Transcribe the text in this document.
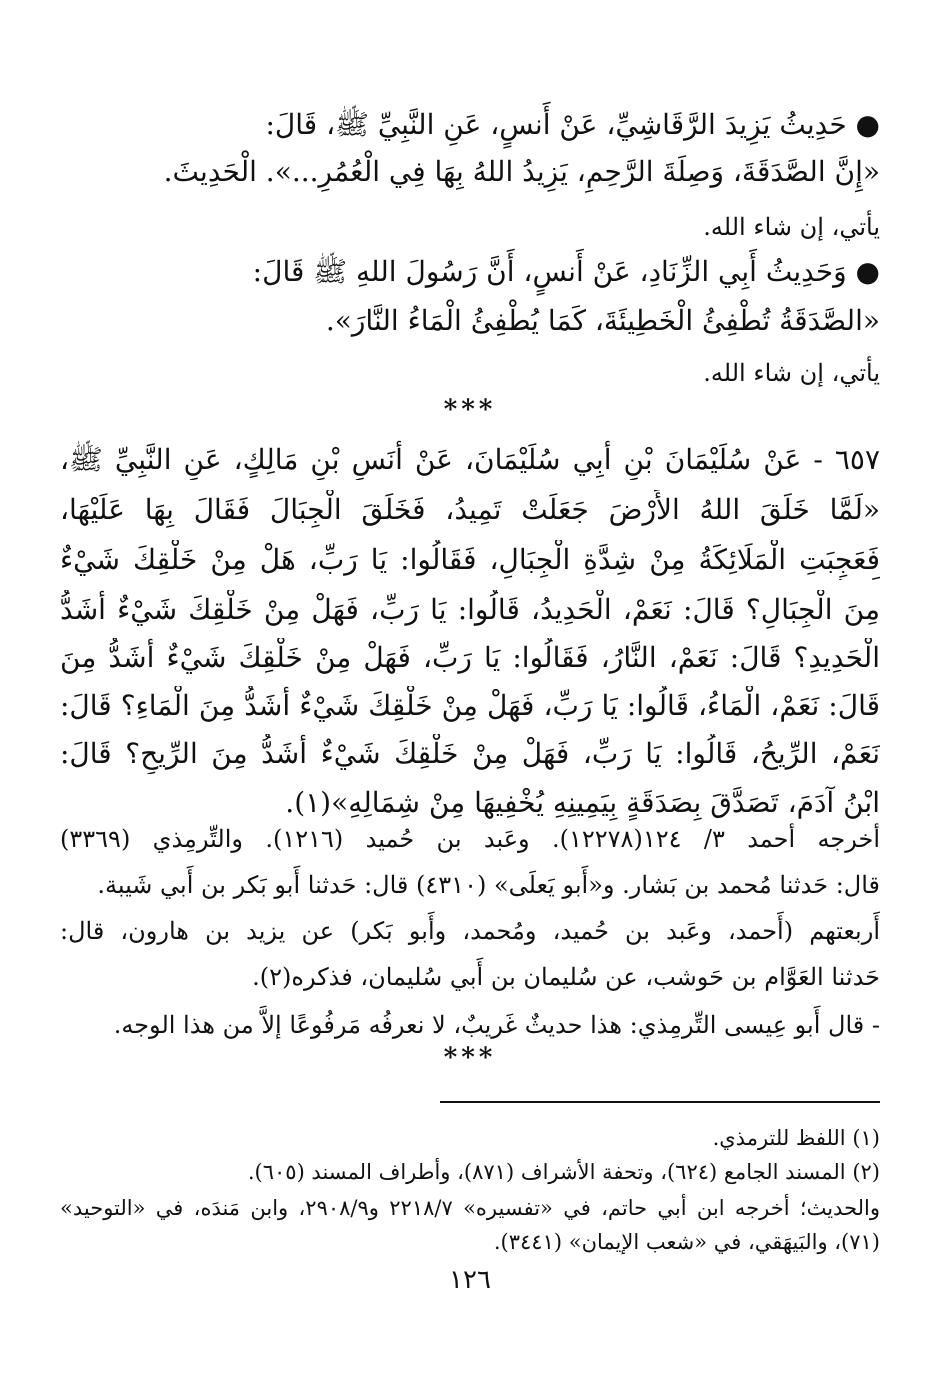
● حَدِيثُ يَزِيدَ الرَّقَاشِيِّ، عَنْ أَنسٍ، عَنِ النَّبِيِّ ﷺ، قَالَ:
«إِنَّ الصَّدَقَةَ، وَصِلَةَ الرَّحِمِ، يَزِيدُ اللهُ بِهَا فِي الْعُمُرِ...». الْحَدِيثَ.
يأتي، إن شاء الله.
● وَحَدِيثُ أَبِي الزِّنَادِ، عَنْ أَنسٍ، أَنَّ رَسُولَ اللهِ ﷺ قَالَ:
«الصَّدَقَةُ تُطْفِئُ الْخَطِيئَةَ، كَمَا يُطْفِئُ الْمَاءُ النَّارَ».
يأتي، إن شاء الله.
***
٦٥٧ - عَنْ سُلَيْمَانَ بْنِ أَبِي سُلَيْمَانَ، عَنْ أَنَسِ بْنِ مَالِكٍ، عَنِ النَّبِيِّ ﷺ،
«لَمَّا خَلَقَ اللهُ الأَرْضَ جَعَلَتْ تَمِيدُ، فَخَلَقَ الْجِبَالَ فَقَالَ بِهَا عَلَيْهَا،
فَعَجِبَتِ الْمَلَائِكَةُ مِنْ شِدَّةِ الْجِبَالِ، فَقَالُوا: يَا رَبِّ، هَلْ مِنْ خَلْقِكَ شَيْءٌ
مِنَ الْجِبَالِ؟ قَالَ: نَعَمْ، الْحَدِيدُ، قَالُوا: يَا رَبِّ، فَهَلْ مِنْ خَلْقِكَ شَيْءٌ أَشَدُّ
الْحَدِيدِ؟ قَالَ: نَعَمْ، النَّارُ، فَقَالُوا: يَا رَبِّ، فَهَلْ مِنْ خَلْقِكَ شَيْءٌ أَشَدُّ مِنَ
قَالَ: نَعَمْ، الْمَاءُ، قَالُوا: يَا رَبِّ، فَهَلْ مِنْ خَلْقِكَ شَيْءٌ أَشَدُّ مِنَ الْمَاءِ؟ قَالَ:
نَعَمْ، الرِّيحُ، قَالُوا: يَا رَبِّ، فَهَلْ مِنْ خَلْقِكَ شَيْءٌ أَشَدُّ مِنَ الرِّيحِ؟ قَالَ:
ابْنُ آدَمَ، تَصَدَّقَ بِصَدَقَةٍ بِيَمِينِهِ يُخْفِيهَا مِنْ شِمَالِهِ»(١).
أخرجه أحمد ٣/ ١٢٤(١٢٢٧٨). وعَبد بن حُميد (١٢١٦). والتِّرمِذي (٣٣٦٩)
قال: حَدثنا مُحمد بن بَشار. و«أَبو يَعلَى» (٤٣١٠) قال: حَدثنا أَبو بَكر بن أَبي شَيبة.
أَربعتهم (أَحمد، وعَبد بن حُميد، ومُحمد، وأَبو بَكر) عن يزيد بن هارون، قال:
حَدثنا العَوَّام بن حَوشب، عن سُليمان بن أَبي سُليمان، فذكره(٢).
- قال أَبو عِيسى التِّرمِذي: هذا حديثٌ غَريبٌ، لا نعرفُه مَرفُوعًا إلاَّ من هذا الوجه.
***
(١) اللفظ للترمذي.
(٢) المسند الجامع (٦٢٤)، وتحفة الأشراف (٨٧١)، وأطراف المسند (٦٠٥).
والحديث؛ أخرجه ابن أبي حاتم، في «تفسيره» ٢٢١٨/٧ و٢٩٠٨/٩، وابن مَندَه، في «التوحيد»
(٧١)، والبَيهَقي، في «شعب الإيمان» (٣٤٤١).
١٢٦
